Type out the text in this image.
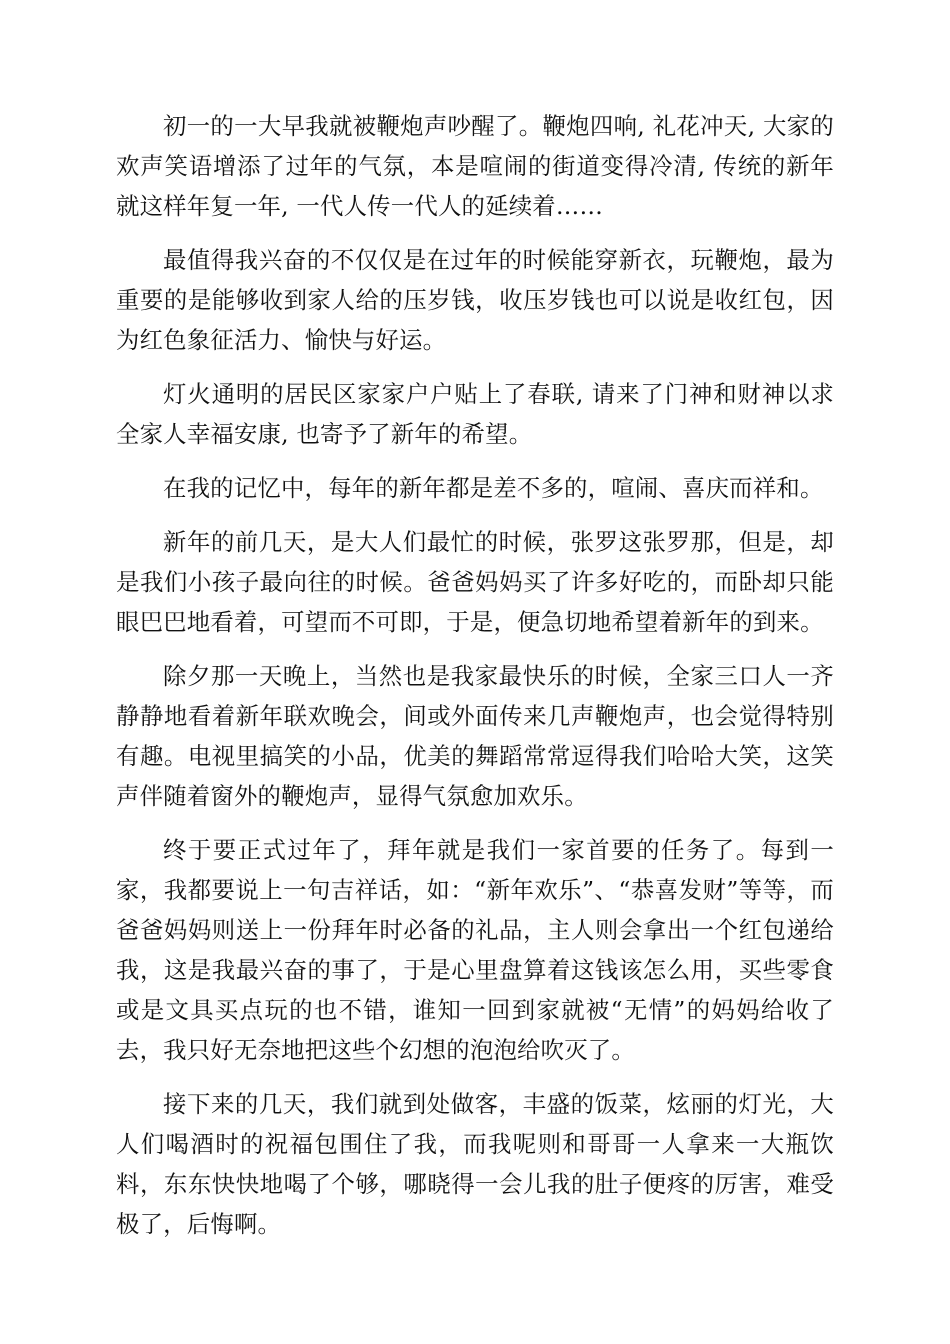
初一的一大早我就被鞭炮声吵醒了。鞭炮四响, 礼花冲天, 大家的欢声笑语增添了过年的气氛，本是喧闹的街道变得冷清, 传统的新年就这样年复一年, 一代人传一代人的延续着……

最值得我兴奋的不仅仅是在过年的时候能穿新衣，玩鞭炮，最为重要的是能够收到家人给的压岁钱，收压岁钱也可以说是收红包，因为红色象征活力、愉快与好运。

灯火通明的居民区家家户户贴上了春联, 请来了门神和财神以求全家人幸福安康, 也寄予了新年的希望。

在我的记忆中，每年的新年都是差不多的，喧闹、喜庆而祥和。

新年的前几天，是大人们最忙的时候，张罗这张罗那，但是，却是我们小孩子最向往的时候。爸爸妈妈买了许多好吃的，而卧却只能眼巴巴地看着，可望而不可即，于是，便急切地希望着新年的到来。

除夕那一天晚上，当然也是我家最快乐的时候，全家三口人一齐静静地看着新年联欢晚会，间或外面传来几声鞭炮声，也会觉得特别有趣。电视里搞笑的小品，优美的舞蹈常常逗得我们哈哈大笑，这笑声伴随着窗外的鞭炮声，显得气氛愈加欢乐。

终于要正式过年了，拜年就是我们一家首要的任务了。每到一家，我都要说上一句吉祥话，如：“新年欢乐”、“恭喜发财”等等，而爸爸妈妈则送上一份拜年时必备的礼品，主人则会拿出一个红包递给我，这是我最兴奋的事了，于是心里盘算着这钱该怎么用，买些零食或是文具买点玩的也不错，谁知一回到家就被“无情”的妈妈给收了去，我只好无奈地把这些个幻想的泡泡给吹灭了。

接下来的几天，我们就到处做客，丰盛的饭菜，炫丽的灯光，大人们喝酒时的祝福包围住了我，而我呢则和哥哥一人拿来一大瓶饮料，东东快快地喝了个够，哪晓得一会儿我的肚子便疼的厉害，难受极了，后悔啊。
